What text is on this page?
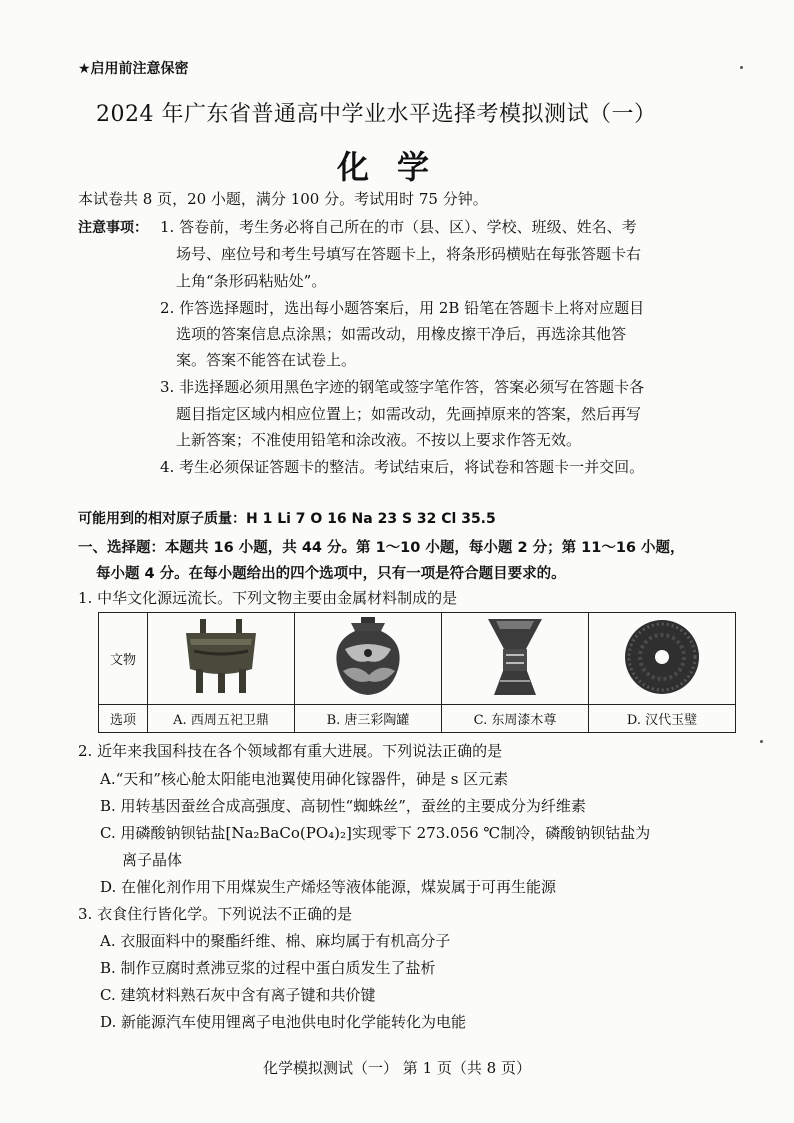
★启用前注意保密
2024 年广东省普通高中学业水平选择考模拟测试（一）
化学
本试卷共 8 页，20 小题，满分 100 分。考试用时 75 分钟。
注意事项： 1. 答卷前，考生务必将自己所在的市（县、区）、学校、班级、姓名、考
场号、座位号和考生号填写在答题卡上，将条形码横贴在每张答题卡右
上角“条形码粘贴处”。
2. 作答选择题时，选出每小题答案后，用 2B 铅笔在答题卡上将对应题目
选项的答案信息点涂黑；如需改动，用橡皮擦干净后，再选涂其他答
案。答案不能答在试卷上。
3. 非选择题必须用黑色字迹的钢笔或签字笔作答，答案必须写在答题卡各
题目指定区域内相应位置上；如需改动，先画掉原来的答案，然后再写
上新答案；不准使用铅笔和涂改液。不按以上要求作答无效。
4. 考生必须保证答题卡的整洁。考试结束后，将试卷和答题卡一并交回。
可能用到的相对原子质量：H 1 Li 7 O 16 Na 23 S 32 Cl 35.5
一、选择题：本题共 16 小题，共 44 分。第 1～10 小题，每小题 2 分；第 11～16 小题，
每小题 4 分。在每小题给出的四个选项中，只有一项是符合题目要求的。
1. 中华文化源远流长。下列文物主要由金属材料制成的是
文物				
选项	A. 西周五祀卫鼎	B. 唐三彩陶罐	C. 东周漆木尊	D. 汉代玉璧
2. 近年来我国科技在各个领域都有重大进展。下列说法正确的是
A.“天和”核心舱太阳能电池翼使用砷化镓器件，砷是 s 区元素
B. 用转基因蚕丝合成高强度、高韧性“蜘蛛丝”，蚕丝的主要成分为纤维素
C. 用磷酸钠钡钴盐[Na₂BaCo(PO₄)₂]实现零下 273.056 ℃制冷，磷酸钠钡钴盐为
离子晶体
D. 在催化剂作用下用煤炭生产烯烃等液体能源，煤炭属于可再生能源
3. 衣食住行皆化学。下列说法不正确的是
A. 衣服面料中的聚酯纤维、棉、麻均属于有机高分子
B. 制作豆腐时煮沸豆浆的过程中蛋白质发生了盐析
C. 建筑材料熟石灰中含有离子键和共价键
D. 新能源汽车使用锂离子电池供电时化学能转化为电能
化学模拟测试（一） 第 1 页（共 8 页）
